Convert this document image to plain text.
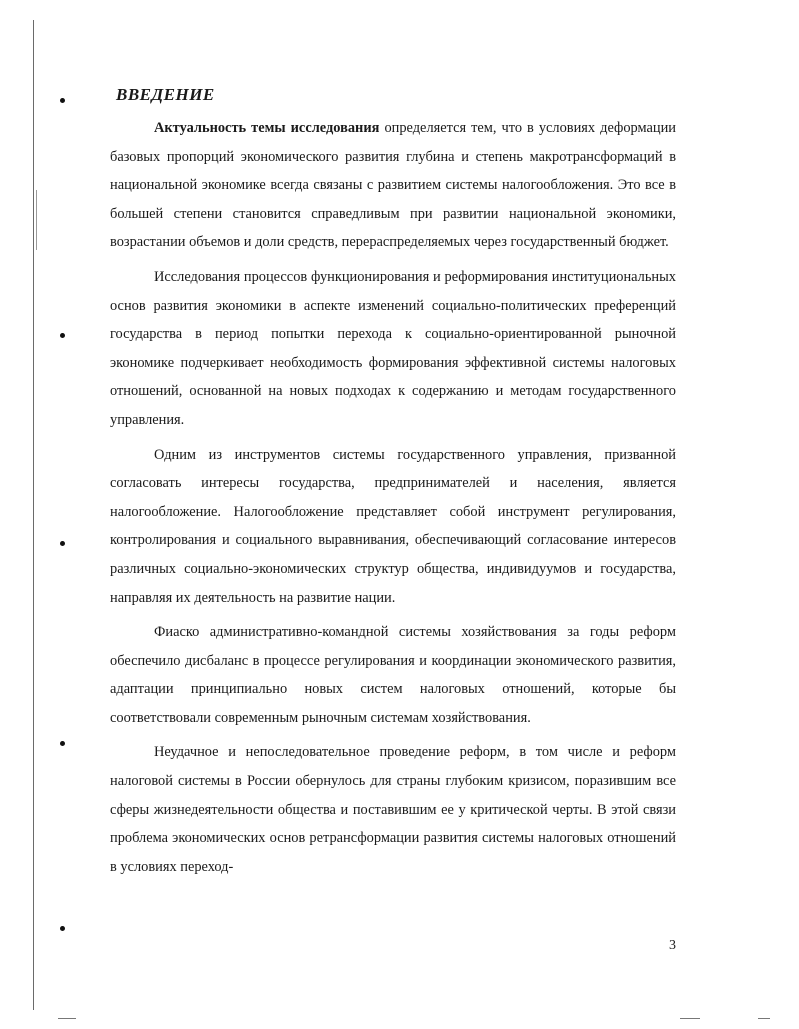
ВВЕДЕНИЕ

Актуальность темы исследования определяется тем, что в условиях деформации базовых пропорций экономического развития глубина и степень макротрансформаций в национальной экономике всегда связаны с развитием системы налогообложения. Это все в большей степени становится справедливым при развитии национальной экономики, возрастании объемов и доли средств, перераспределяемых через государственный бюджет.

Исследования процессов функционирования и реформирования институциональных основ развития экономики в аспекте изменений социально-политических преференций государства в период попытки перехода к социально-ориентированной рыночной экономике подчеркивает необходимость формирования эффективной системы налоговых отношений, основанной на новых подходах к содержанию и методам государственного управления.

Одним из инструментов системы государственного управления, призванной согласовать интересы государства, предпринимателей и населения, является налогообложение. Налогообложение представляет собой инструмент регулирования, контролирования и социального выравнивания, обеспечивающий согласование интересов различных социально-экономических структур общества, индивидуумов и государства, направляя их деятельность на развитие нации.

Фиаско административно-командной системы хозяйствования за годы реформ обеспечило дисбаланс в процессе регулирования и координации экономического развития, адаптации принципиально новых систем налоговых отношений, которые бы соответствовали современным рыночным системам хозяйствования.

Неудачное и непоследовательное проведение реформ, в том числе и реформ налоговой системы в России обернулось для страны глубоким кризисом, поразившим все сферы жизнедеятельности общества и поставившим ее у критической черты. В этой связи проблема экономических основ ретрансформации развития системы налоговых отношений в условиях переход-

3
